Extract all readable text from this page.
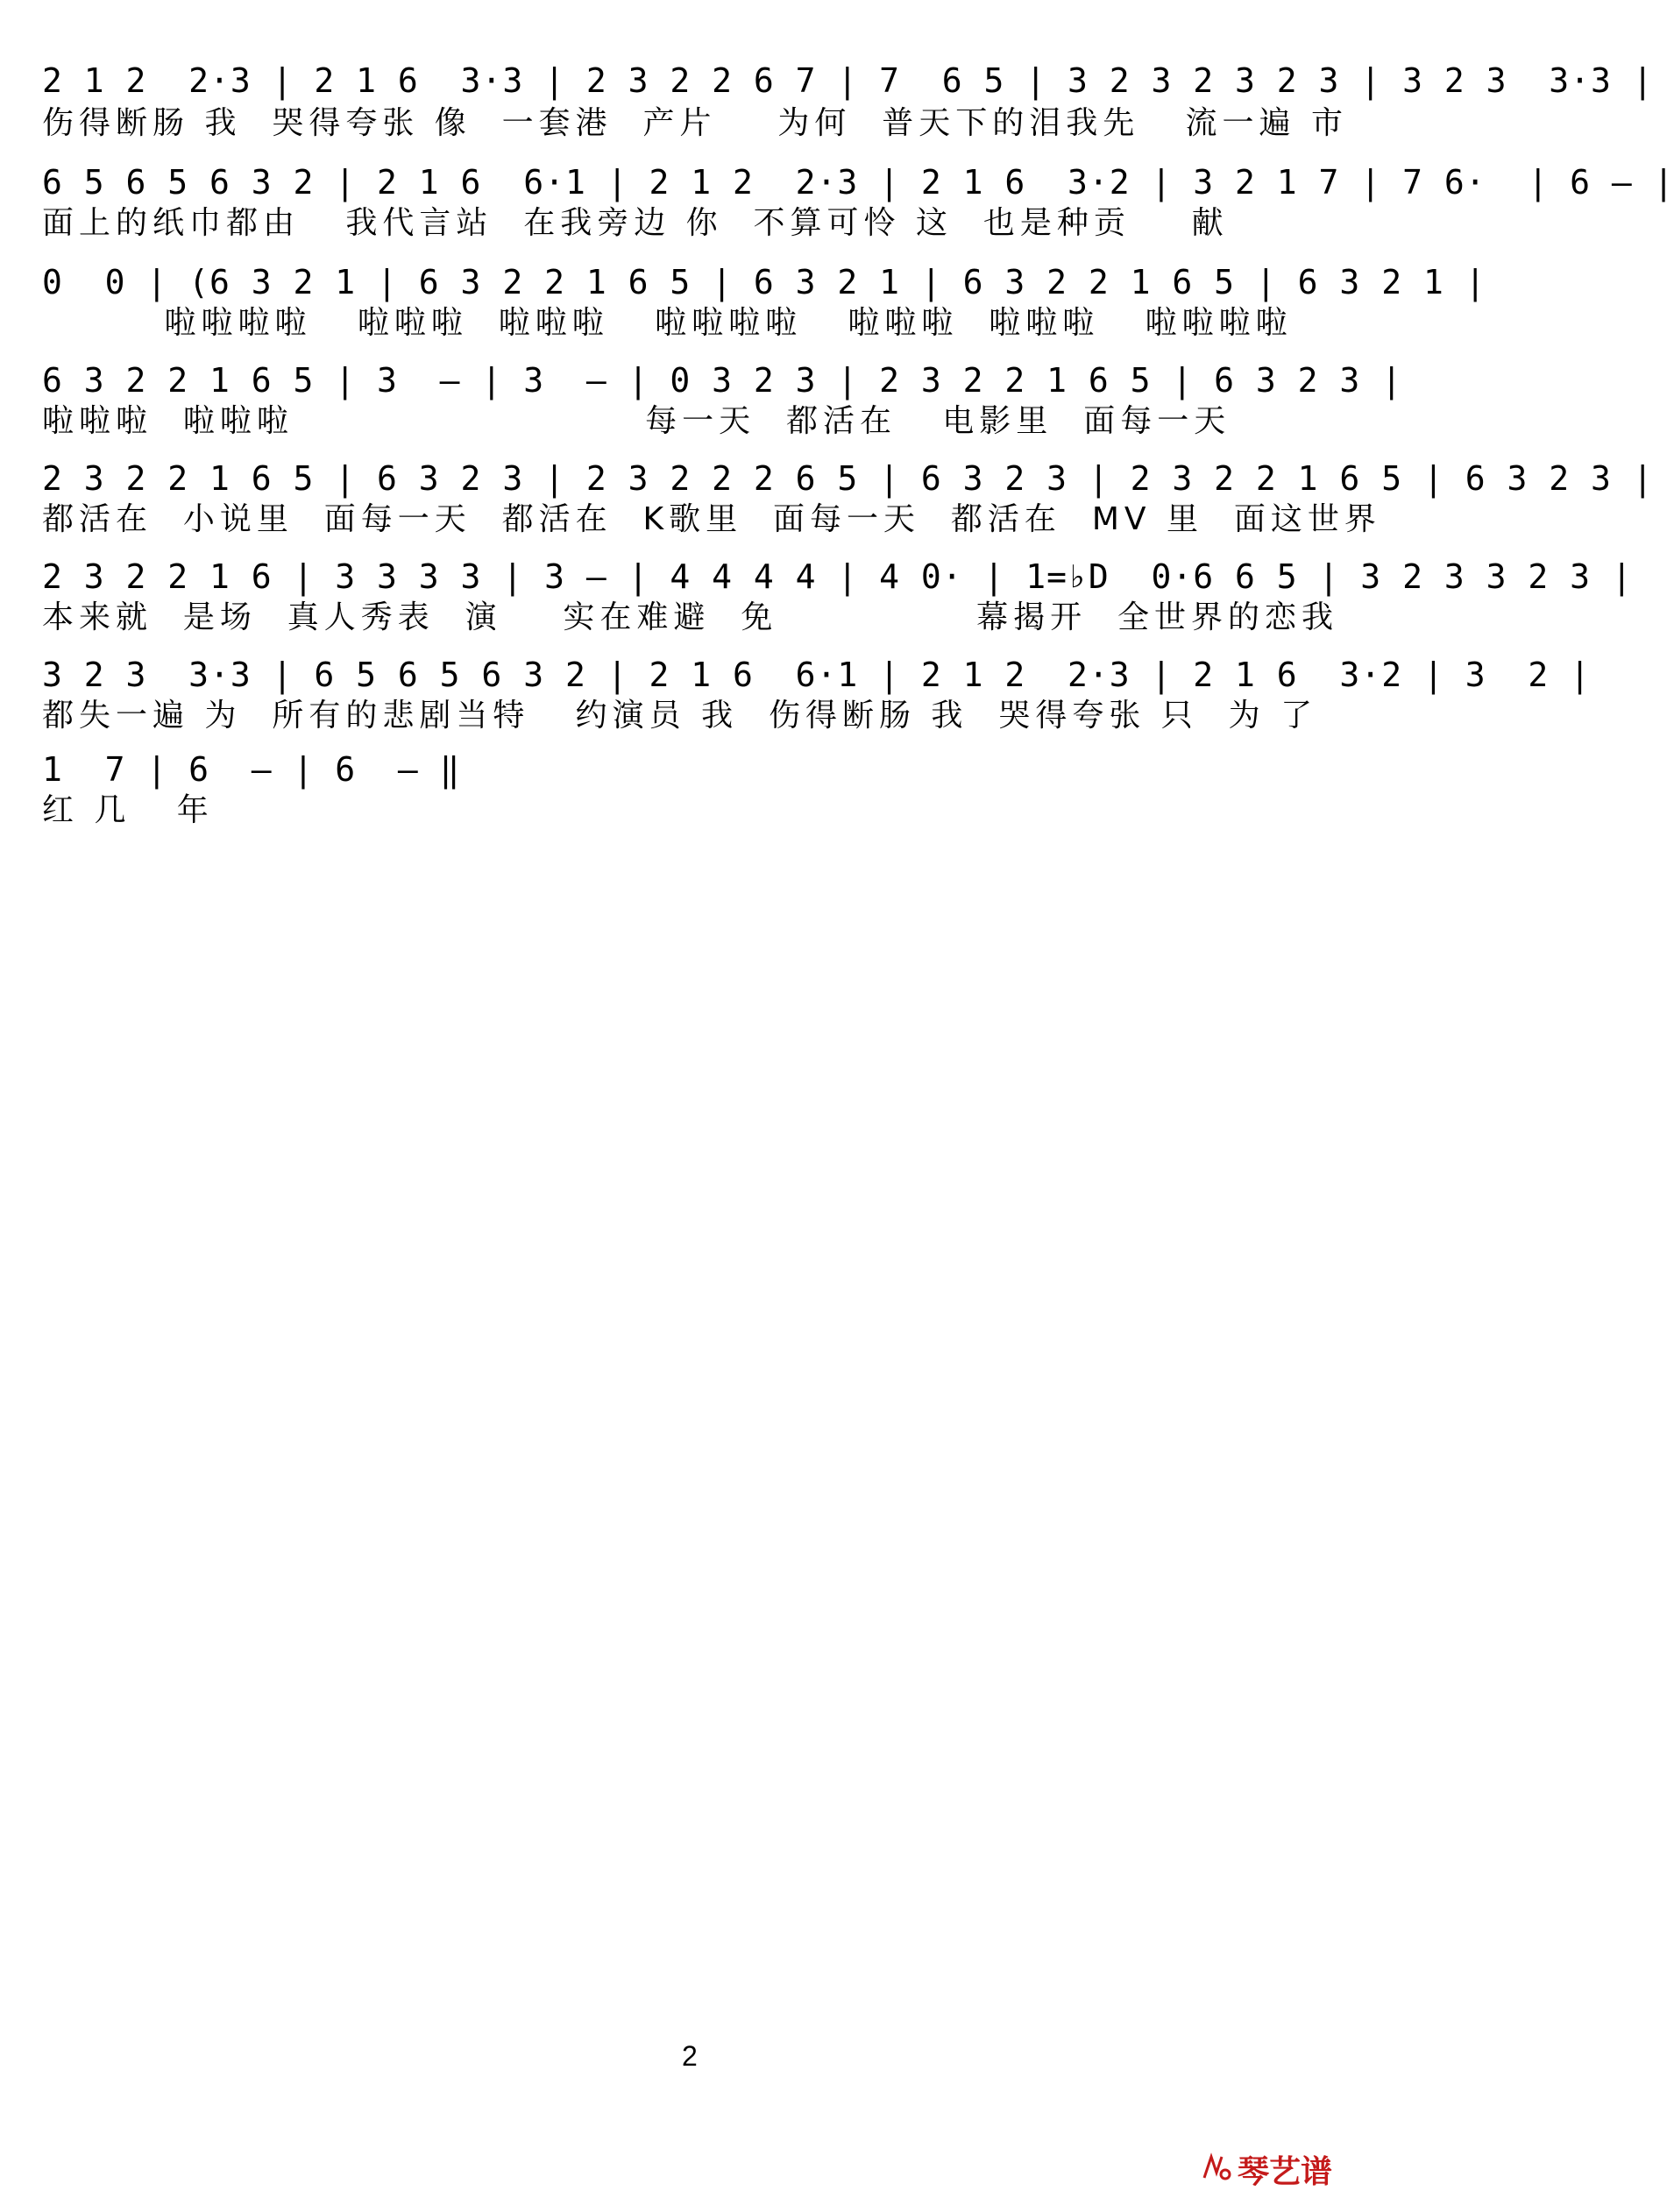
2 1 2  2·3 | 2 1 6  3·3 | 2 3 2 2 6 7 | 7  6 5 | 3 2 3 2 3 2 3 | 3 2 3  3·3 |
伤得断肠 我  哭得夸张 像  一套港  产片    为何  普天下的泪我先   流一遍 市
6 5 6 5 6 3 2 | 2 1 6  6·1 | 2 1 2  2·3 | 2 1 6  3·2 | 3 2 1 7 | 7 6·  | 6 — |
面上的纸巾都由   我代言站  在我旁边 你  不算可怜 这  也是种贡    献
0  0 | (6 3 2 1 | 6 3 2 2 1 6 5 | 6 3 2 1 | 6 3 2 2 1 6 5 | 6 3 2 1 |
啦啦啦啦   啦啦啦  啦啦啦   啦啦啦啦   啦啦啦  啦啦啦   啦啦啦啦
6 3 2 2 1 6 5 | 3  — | 3  — | 0 3 2 3 | 2 3 2 2 1 6 5 | 6 3 2 3 |
啦啦啦  啦啦啦                       每一天  都活在   电影里  面每一天
2 3 2 2 1 6 5 | 6 3 2 3 | 2 3 2 2 2 6 5 | 6 3 2 3 | 2 3 2 2 1 6 5 | 6 3 2 3 |
都活在  小说里  面每一天  都活在  K歌里  面每一天  都活在  MV 里  面这世界
2 3 2 2 1 6 | 3 3 3 3 | 3 — | 4 4 4 4 | 4 0· | 1=♭D  0·6 6 5 | 3 2 3 3 2 3 |
本来就  是场  真人秀表  演    实在难避  免             幕揭开  全世界的恋我
3 2 3  3·3 | 6 5 6 5 6 3 2 | 2 1 6  6·1 | 2 1 2  2·3 | 2 1 6  3·2 | 3  2 |
都失一遍 为  所有的悲剧当特   约演员 我  伤得断肠 我  哭得夸张 只  为 了
1  7 | 6  — | 6  — ‖
红 几   年
2
琴艺谱
